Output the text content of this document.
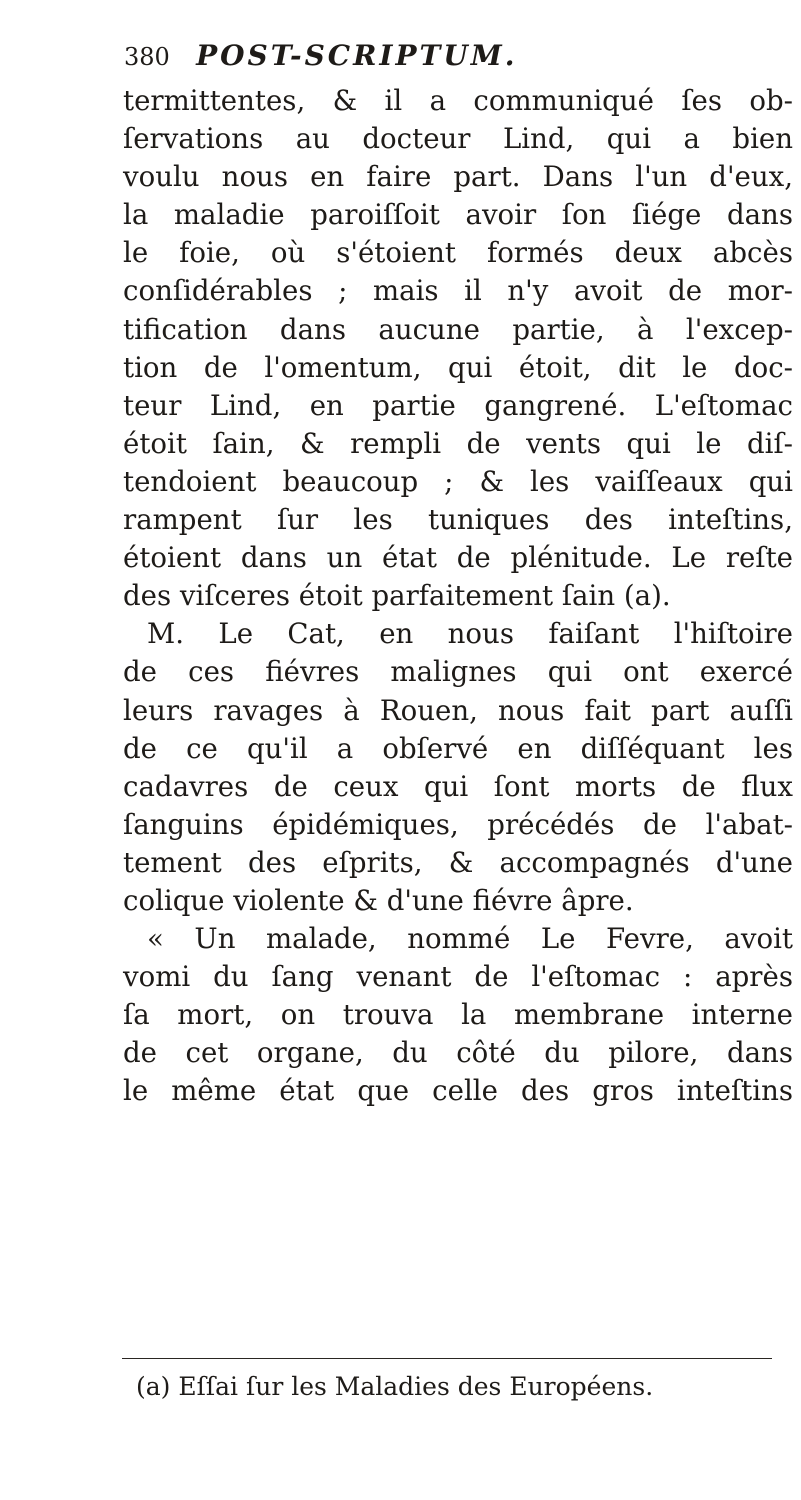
380 POST-SCRIPTUM.
termittentes, & il a communiqué ſes ob-
ſervations au docteur Lind, qui a bien
voulu nous en faire part. Dans l'un d'eux,
la maladie paroiſſoit avoir ſon ſiége dans
le foie, où s'étoient formés deux abcès
conſidérables ; mais il n'y avoit de mor-
tification dans aucune partie, à l'excep-
tion de l'omentum, qui étoit, dit le doc-
teur Lind, en partie gangrené. L'eſtomac
étoit ſain, & rempli de vents qui le diſ-
tendoient beaucoup ; & les vaiſſeaux qui
rampent ſur les tuniques des inteſtins,
étoient dans un état de plénitude. Le reſte
des viſceres étoit parfaitement ſain (a).
M. Le Cat, en nous faiſant l'hiſtoire
de ces fiévres malignes qui ont exercé
leurs ravages à Rouen, nous fait part auſſi
de ce qu'il a obſervé en diſſéquant les
cadavres de ceux qui ſont morts de flux
ſanguins épidémiques, précédés de l'abat-
tement des eſprits, & accompagnés d'une
colique violente & d'une fiévre âpre.
« Un malade, nommé Le Fevre, avoit
vomi du ſang venant de l'eſtomac : après
ſa mort, on trouva la membrane interne
de cet organe, du côté du pilore, dans
le même état que celle des gros inteſtins
(a) Eſſai ſur les Maladies des Européens.
